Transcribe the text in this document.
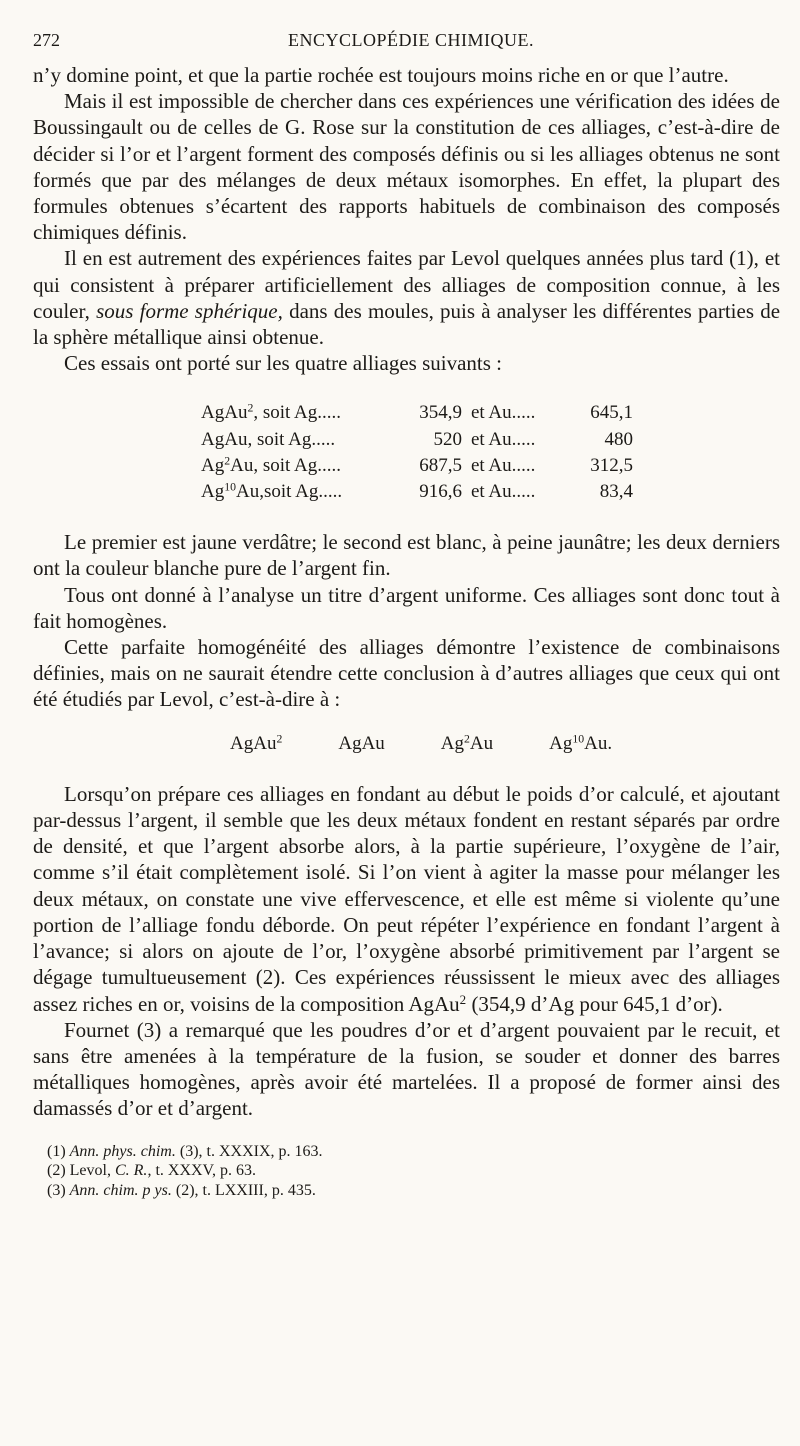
272	ENCYCLOPÉDIE CHIMIQUE.

n’y domine point, et que la partie rochée est toujours moins riche en or que l’autre.

Mais il est impossible de chercher dans ces expériences une vérification des idées de Boussingault ou de celles de G. Rose sur la constitution de ces alliages, c’est-à-dire de décider si l’or et l’argent forment des composés définis ou si les alliages obtenus ne sont formés que par des mélanges de deux métaux isomorphes. En effet, la plupart des formules obtenues s’écartent des rapports habituels de combinaison des composés chimiques définis.

Il en est autrement des expériences faites par Levol quelques années plus tard (1), et qui consistent à préparer artificiellement des alliages de composition connue, à les couler, sous forme sphérique, dans des moules, puis à analyser les différentes parties de la sphère métallique ainsi obtenue.

Ces essais ont porté sur les quatre alliages suivants :

AgAu$^2$, soit Ag.....	354,9	et Au.....	645,1
AgAu, soit Ag.....	520	et Au.....	480
Ag$^2$Au, soit Ag.....	687,5	et Au.....	312,5
Ag$^{10}$Au,soit Ag.....	916,6	et Au.....	83,4

Le premier est jaune verdâtre; le second est blanc, à peine jaunâtre; les deux derniers ont la couleur blanche pure de l’argent fin.

Tous ont donné à l’analyse un titre d’argent uniforme. Ces alliages sont donc tout à fait homogènes.

Cette parfaite homogénéité des alliages démontre l’existence de combinaisons définies, mais on ne saurait étendre cette conclusion à d’autres alliages que ceux qui ont été étudiés par Levol, c’est-à-dire à :

AgAu$^2$	AgAu	Ag$^2$Au	Ag$^{10}$Au.

Lorsqu’on prépare ces alliages en fondant au début le poids d’or calculé, et ajoutant par-dessus l’argent, il semble que les deux métaux fondent en restant séparés par ordre de densité, et que l’argent absorbe alors, à la partie supérieure, l’oxygène de l’air, comme s’il était complètement isolé. Si l’on vient à agiter la masse pour mélanger les deux métaux, on constate une vive effervescence, et elle est même si violente qu’une portion de l’alliage fondu déborde. On peut répéter l’expérience en fondant l’argent à l’avance; si alors on ajoute de l’or, l’oxygène absorbé primitivement par l’argent se dégage tumultueusement (2). Ces expériences réussissent le mieux avec des alliages assez riches en or, voisins de la composition AgAu$^2$ (354,9 d’Ag pour 645,1 d’or).

Fournet (3) a remarqué que les poudres d’or et d’argent pouvaient par le recuit, et sans être amenées à la température de la fusion, se souder et donner des barres métalliques homogènes, après avoir été martelées. Il a proposé de former ainsi des damassés d’or et d’argent.

(1) Ann. phys. chim. (3), t. XXXIX, p. 163.
(2) Levol, C. R., t. XXXV, p. 63.
(3) Ann. chim. p ys. (2), t. LXXIII, p. 435.
